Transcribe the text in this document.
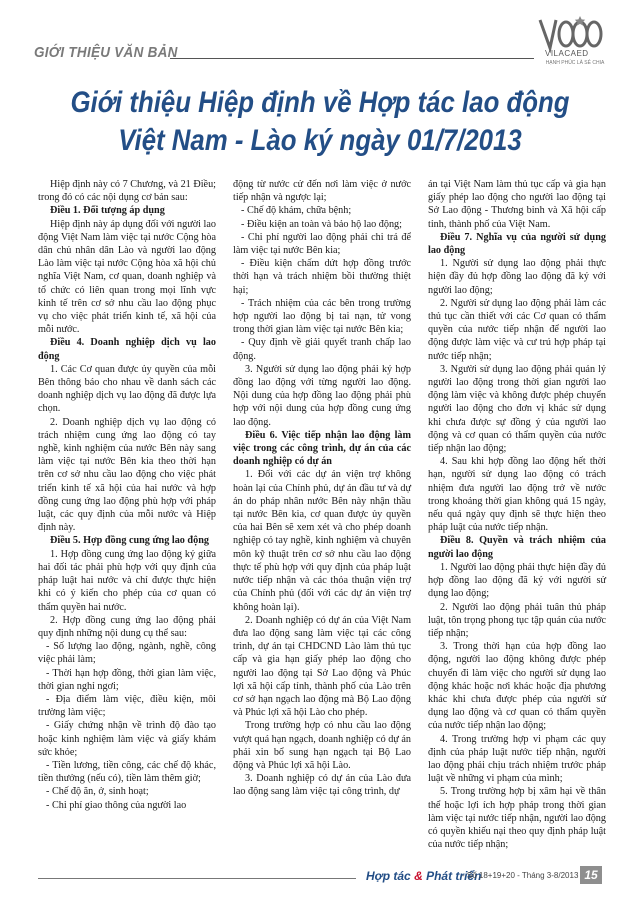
GIỚI THIỆU VĂN BẢN	VILACAED
HẠNH PHÚC LÀ SẺ CHIA
Giới thiệu Hiệp định về Hợp tác lao động
Việt Nam - Lào ký ngày 01/7/2013

Hiệp định này có 7 Chương, và 21 Điều; trong đó có các nội dụng cơ bản sau:

Điều 1. Đối tượng áp dụng

Hiệp định này áp dụng đối với người lao động Việt Nam làm việc tại nước Cộng hòa dân chủ nhân dân Lào và người lao động Lào làm việc tại nước Cộng hòa xã hội chủ nghĩa Việt Nam, cơ quan, doanh nghiệp và tổ chức có liên quan trong mọi lĩnh vực kinh tế trên cơ sở nhu cầu lao động phục vụ cho việc phát triển kinh tế, xã hội của mỗi nước.

Điều 4. Doanh nghiệp dịch vụ lao động

1. Các Cơ quan được ủy quyền của mỗi Bên thông báo cho nhau về danh sách các doanh nghiệp dịch vụ lao động đã được lựa chọn.

2. Doanh nghiệp dịch vụ lao động có trách nhiệm cung ứng lao động có tay nghề, kinh nghiệm của nước Bên này sang làm việc tại nước Bên kia theo thời hạn trên cơ sở nhu cầu lao động cho việc phát triển kinh tế xã hội của hai nước và hợp đồng cung ứng lao động phù hợp với pháp luật, các quy định của mỗi nước và Hiệp định này.

Điều 5. Hợp đồng cung ứng lao động

1. Hợp đồng cung ứng lao động ký giữa hai đối tác phải phù hợp với quy định của pháp luật hai nước và chỉ được thực hiện khi có ý kiến cho phép của cơ quan có thẩm quyền hai nước.

2. Hợp đồng cung ứng lao động phải quy định những nội dung cụ thể sau:

- Số lượng lao động, ngành, nghề, công việc phải làm;

- Thời hạn hợp đồng, thời gian làm việc, thời gian nghỉ ngơi;

- Địa điểm làm việc, điều kiện, môi trường làm việc;

- Giấy chứng nhận về trình độ đào tạo hoặc kinh nghiệm làm việc và giấy khám sức khỏe;

- Tiền lương, tiền công, các chế độ khác, tiền thưởng (nếu có), tiền làm thêm giờ;

- Chế độ ăn, ở, sinh hoạt;

- Chi phí giao thông của người lao

động từ nước cử đến nơi làm việc ở nước tiếp nhận và ngược lại;

- Chế độ khám, chữa bệnh;

- Điều kiện an toàn và bảo hộ lao động;

- Chi phí người lao động phải chi trả để làm việc tại nước Bên kia;

- Điều kiện chấm dứt hợp đồng trước thời hạn và trách nhiệm bồi thường thiệt hại;

- Trách nhiệm của các bên trong trường hợp người lao động bị tai nạn, tử vong trong thời gian làm việc tại nước Bên kia;

- Quy định về giải quyết tranh chấp lao động.

3. Người sử dụng lao động phải ký hợp đồng lao động với từng người lao động. Nội dung của hợp đồng lao động phải phù hợp với nội dung của hợp đồng cung ứng lao động.

Điều 6. Việc tiếp nhận lao động làm việc trong các công trình, dự án của các doanh nghiệp có dự án

1. Đối với các dự án viện trợ không hoàn lại của Chính phủ, dự án đầu tư và dự án do pháp nhân nước Bên này nhận thầu tại nước Bên kia, cơ quan được ủy quyền của hai Bên sẽ xem xét và cho phép doanh nghiệp có tay nghề, kinh nghiệm và chuyên môn kỹ thuật trên cơ sở nhu cầu lao động thực tế phù hợp với quy định của pháp luật nước tiếp nhận và các thỏa thuận viện trợ của Chính phủ (đối với các dự án viện trợ không hoàn lại).

2. Doanh nghiệp có dự án của Việt Nam đưa lao động sang làm việc tại các công trình, dự án tại CHDCND Lào làm thủ tục cấp và gia hạn giấy phép lao động cho người lao động tại Sở Lao động và Phúc lợi xã hội cấp tỉnh, thành phố của Lào trên cơ sở hạn ngạch lao động mà Bộ Lao động và Phúc lợi xã hội Lào cho phép.

Trong trường hợp có nhu cầu lao động vượt quá hạn ngạch, doanh nghiệp có dự án phải xin bổ sung hạn ngạch tại Bộ Lao động và Phúc lợi xã hội Lào.

3. Doanh nghiệp có dự án của Lào đưa lao động sang làm việc tại công trình, dự

án tại Việt Nam làm thủ tục cấp và gia hạn giấy phép lao động cho người lao động tại Sở Lao động - Thương binh và Xã hội cấp tỉnh, thành phố của Việt Nam.

Điều 7. Nghĩa vụ của người sử dụng lao động

1. Người sử dụng lao động phải thực hiện đầy đủ hợp đồng lao động đã ký với người lao động;

2. Người sử dụng lao động phải làm các thủ tục cần thiết với các Cơ quan có thẩm quyền của nước tiếp nhận để người lao động được làm việc và cư trú hợp pháp tại nước tiếp nhận;

3. Người sử dụng lao động phải quản lý người lao động trong thời gian người lao động làm việc và không được phép chuyển người lao động cho đơn vị khác sử dụng khi chưa được sự đồng ý của người lao động và cơ quan có thẩm quyền của nước tiếp nhận lao động;

4. Sau khi hợp đồng lao động hết thời hạn, người sử dụng lao động có trách nhiệm đưa người lao động trở về nước trong khoảng thời gian không quá 15 ngày, nếu quá ngày quy định sẽ thực hiện theo pháp luật của nước tiếp nhận.

Điều 8. Quyền và trách nhiệm của người lao động

1. Người lao động phải thực hiện đầy đủ hợp đồng lao động đã ký với người sử dụng lao động;

2. Người lao động phải tuân thủ pháp luật, tôn trọng phong tục tập quán của nước tiếp nhận;

3. Trong thời hạn của hợp đồng lao động, người lao động không được phép chuyển đi làm việc cho người sử dụng lao động khác hoặc nơi khác hoặc địa phương khác khi chưa được phép của người sử dụng lao động và cơ quan có thẩm quyền của nước tiếp nhận lao động;

4. Trong trường hợp vi phạm các quy định của pháp luật nước tiếp nhận, người lao động phải chịu trách nhiệm trước pháp luật về những vi phạm của mình;

5. Trong trường hợp bị xâm hại về thân thể hoặc lợi ích hợp pháp trong thời gian làm việc tại nước tiếp nhận, người lao động có quyền khiếu nại theo quy định pháp luật của nước tiếp nhận;

Hợp tác & Phát triển
- Số 18+19+20 - Tháng 3-8/2013 15
